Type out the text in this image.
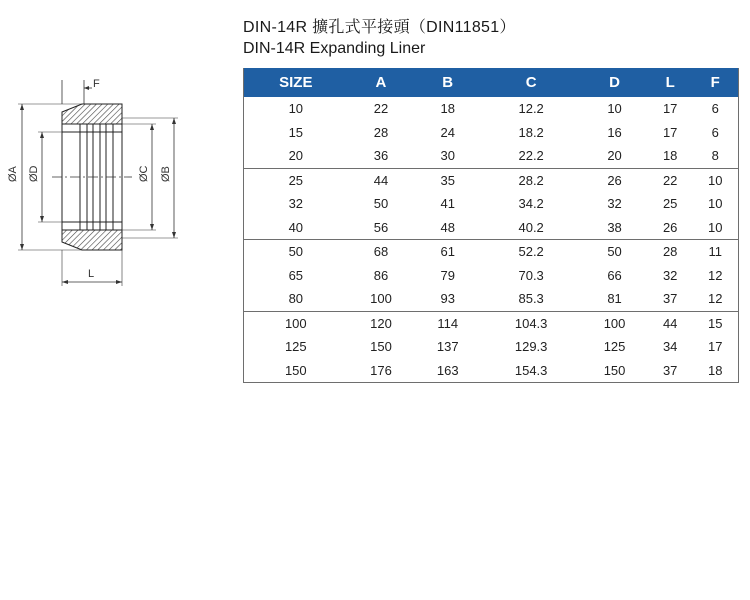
F
ØA ØD	ØC ØB
L
DIN-14R 擴孔式平接頭（DIN11851）
DIN-14R Expanding Liner
SIZE	A	B	C	D	L	F
10	22	18	12.2	10	17	6
15	28	24	18.2	16	17	6
20	36	30	22.2	20	18	8
25	44	35	28.2	26	22	10
32	50	41	34.2	32	25	10
40	56	48	40.2	38	26	10
50	68	61	52.2	50	28	11
65	86	79	70.3	66	32	12
80	100	93	85.3	81	37	12
100	120	114	104.3	100	44	15
125	150	137	129.3	125	34	17
150	176	163	154.3	150	37	18
